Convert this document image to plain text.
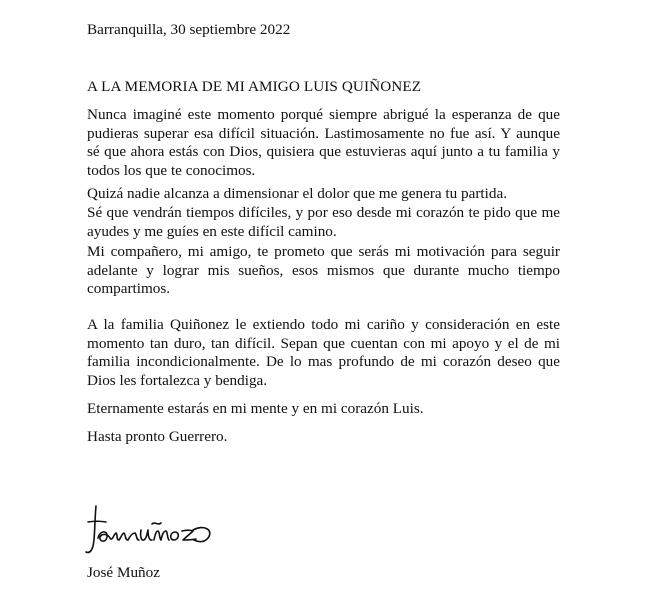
Barranquilla, 30 septiembre 2022

A LA MEMORIA DE MI AMIGO LUIS QUIÑONEZ

Nunca imaginé este momento porqué siempre abrigué la esperanza de que pudieras superar esa difícil situación. Lastimosamente no fue así. Y aunque sé que ahora estás con Dios, quisiera que estuvieras aquí junto a tu familia y todos los que te conocimos.

Quizá nadie alcanza a dimensionar el dolor que me genera tu partida.

Sé que vendrán tiempos difíciles, y por eso desde mi corazón te pido que me ayudes y me guíes en este difícil camino.

Mi compañero, mi amigo, te prometo que serás mi motivación para seguir adelante y lograr mis sueños, esos mismos que durante mucho tiempo compartimos.

A la familia Quiñonez le extiendo todo mi cariño y consideración en este momento tan duro, tan difícil. Sepan que cuentan con mi apoyo y el de mi familia incondicionalmente. De lo mas profundo de mi corazón deseo que Dios les fortalezca y bendiga.

Eternamente estarás en mi mente y en mi corazón Luis.

Hasta pronto Guerrero.

José Muñoz
